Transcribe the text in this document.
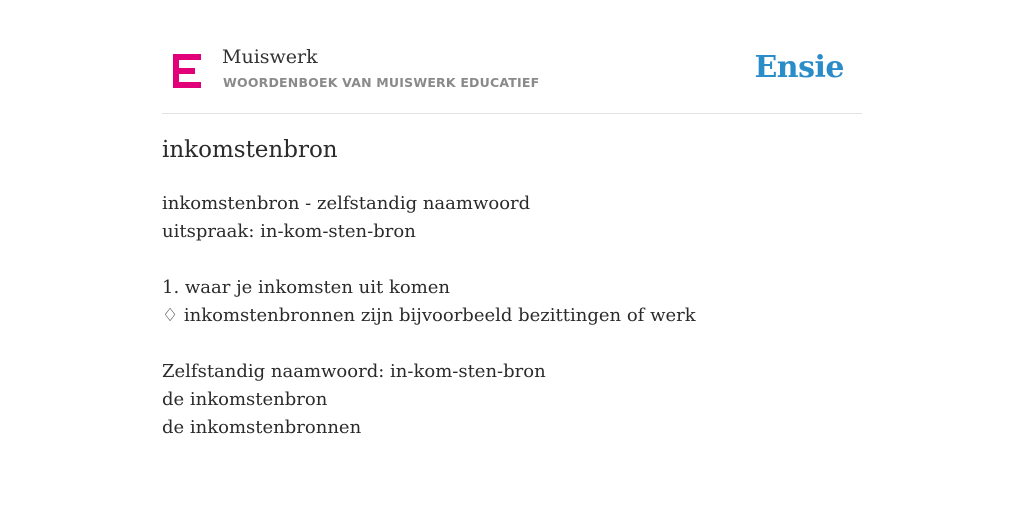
Muiswerk
WOORDENBOEK VAN MUISWERK EDUCATIEF	Ensie
inkomstenbron
inkomstenbron - zelfstandig naamwoord
uitspraak: in-kom-sten-bron
1. waar je inkomsten uit komen
♢ inkomstenbronnen zijn bijvoorbeeld bezittingen of werk
Zelfstandig naamwoord: in-kom-sten-bron
de inkomstenbron
de inkomstenbronnen
